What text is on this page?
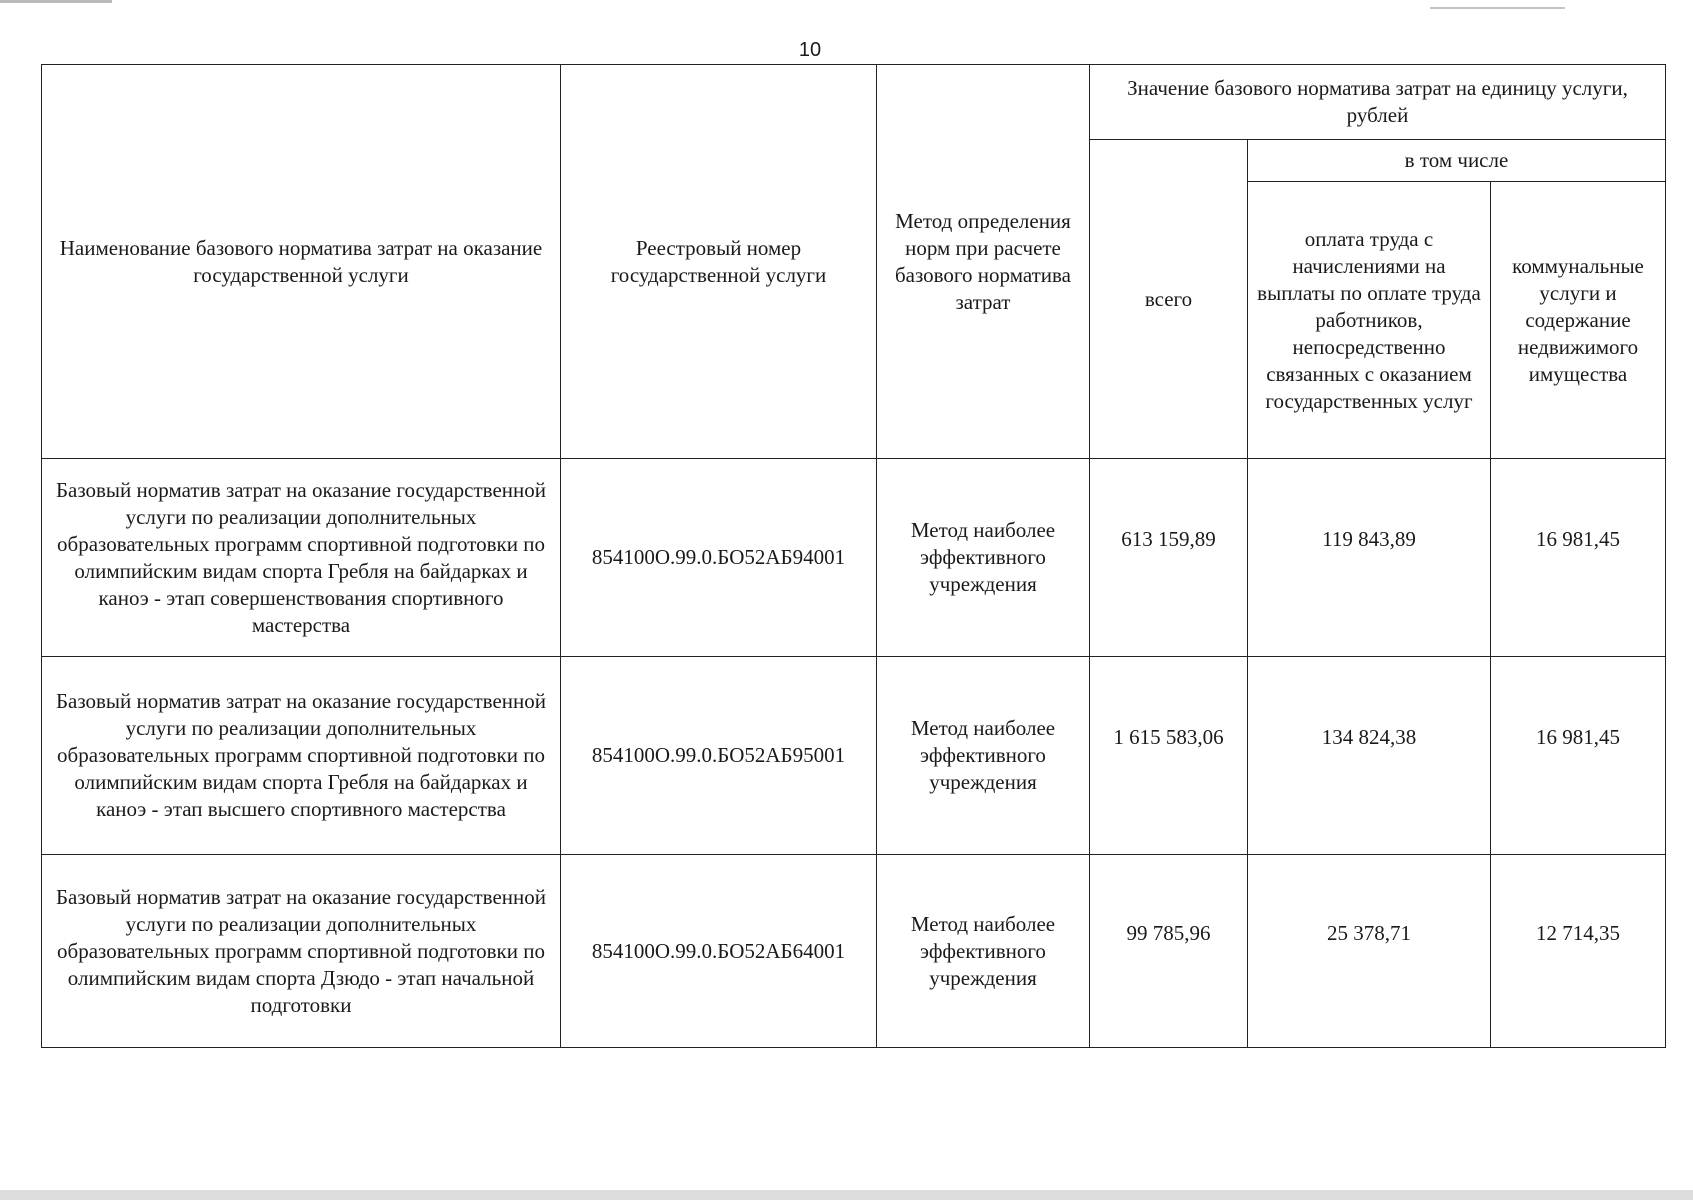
10
Наименование базового норматива затрат на оказание государственной услуги	Реестровый номер государственной услуги	Метод определения норм при расчете базового норматива затрат	Значение базового норматива затрат на единицу услуги, рублей		
			всего	в том числе	
				оплата труда с начислениями на выплаты по оплате труда работников, непосредственно связанных с оказанием государственных услуг	коммунальные услуги и содержание недвижимого имущества
Базовый норматив затрат на оказание государственной услуги по реализации дополнительных образовательных программ спортивной подготовки по олимпийским видам спорта Гребля на байдарках и каноэ - этап совершенствования спортивного мастерства	854100О.99.0.БО52АБ94001	Метод наиболее эффективного учреждения	613 159,89	119 843,89	16 981,45
Базовый норматив затрат на оказание государственной услуги по реализации дополнительных образовательных программ спортивной подготовки по олимпийским видам спорта Гребля на байдарках и каноэ - этап высшего спортивного мастерства	854100О.99.0.БО52АБ95001	Метод наиболее эффективного учреждения	1 615 583,06	134 824,38	16 981,45
Базовый норматив затрат на оказание государственной услуги по реализации дополнительных образовательных программ спортивной подготовки по олимпийским видам спорта Дзюдо - этап начальной подготовки	854100О.99.0.БО52АБ64001	Метод наиболее эффективного учреждения	99 785,96	25 378,71	12 714,35
